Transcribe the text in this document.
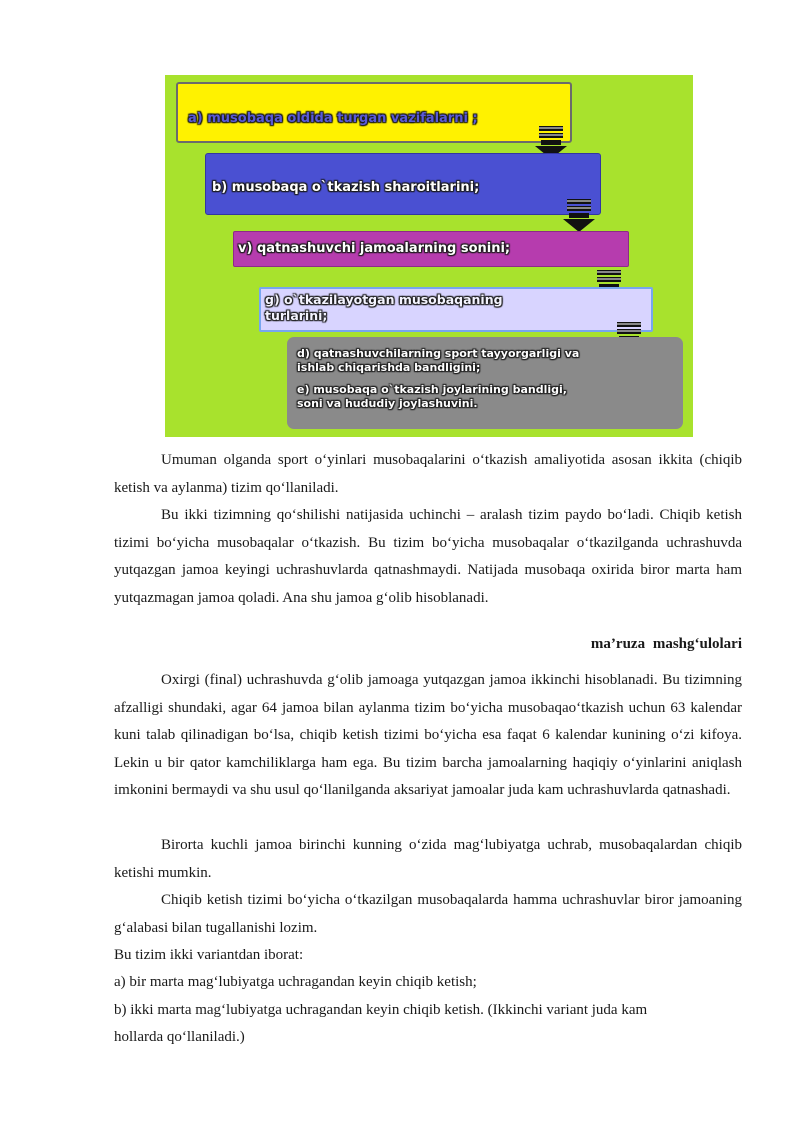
a) musobaqa oldida turgan vazifalarni ;
b) musobaqa o`tkazish sharoitlarini;
v) qatnashuvchi jamoalarning sonini;
g) o`tkazilayotgan musobaqaning
turlarini;
d) qatnashuvchilarning sport tayyorgarligi va
ishlab chiqarishda bandligini;
e) musobaqa o`tkazish joylarining bandligi,
soni va hududiy joylashuvini.
Umuman olganda sport o‘yinlari musobaqalarini o‘tkazish amaliyotida asosan ikkita (chiqib ketish va aylanma) tizim qo‘llaniladi.
Bu ikki tizimning qo‘shilishi natijasida uchinchi – aralash tizim paydo bo‘ladi. Chiqib ketish tizimi bo‘yicha musobaqalar o‘tkazish. Bu tizim bo‘yicha musobaqalar o‘tkazilganda uchrashuvda yutqazgan jamoa keyingi uchrashuvlarda qatnashmaydi. Natijada musobaqa oxirida biror marta ham yutqazmagan jamoa qoladi. Ana shu jamoa g‘olib hisoblanadi.
ma’ruza mashg‘ulolari
Oxirgi (final) uchrashuvda g‘olib jamoaga yutqazgan jamoa ikkinchi hisoblanadi. Bu tizimning afzalligi shundaki, agar 64 jamoa bilan aylanma tizim bo‘yicha musobaqao‘tkazish uchun 63 kalendar kuni talab qilinadigan bo‘lsa, chiqib ketish tizimi bo‘yicha esa faqat 6 kalendar kunining o‘zi kifoya. Lekin u bir qator kamchiliklarga ham ega. Bu tizim barcha jamoalarning haqiqiy o‘yinlarini aniqlash imkonini bermaydi va shu usul qo‘llanilganda aksariyat jamoalar juda kam uchrashuvlarda qatnashadi.
Birorta kuchli jamoa birinchi kunning o‘zida mag‘lubiyatga uchrab, musobaqalardan chiqib ketishi mumkin.
Chiqib ketish tizimi bo‘yicha o‘tkazilgan musobaqalarda hamma uchrashuvlar biror jamoaning g‘alabasi bilan tugallanishi lozim.
Bu tizim ikki variantdan iborat:
a) bir marta mag‘lubiyatga uchragandan keyin chiqib ketish;
b) ikki marta mag‘lubiyatga uchragandan keyin chiqib ketish. (Ikkinchi variant juda kam
hollarda qo‘llaniladi.)
